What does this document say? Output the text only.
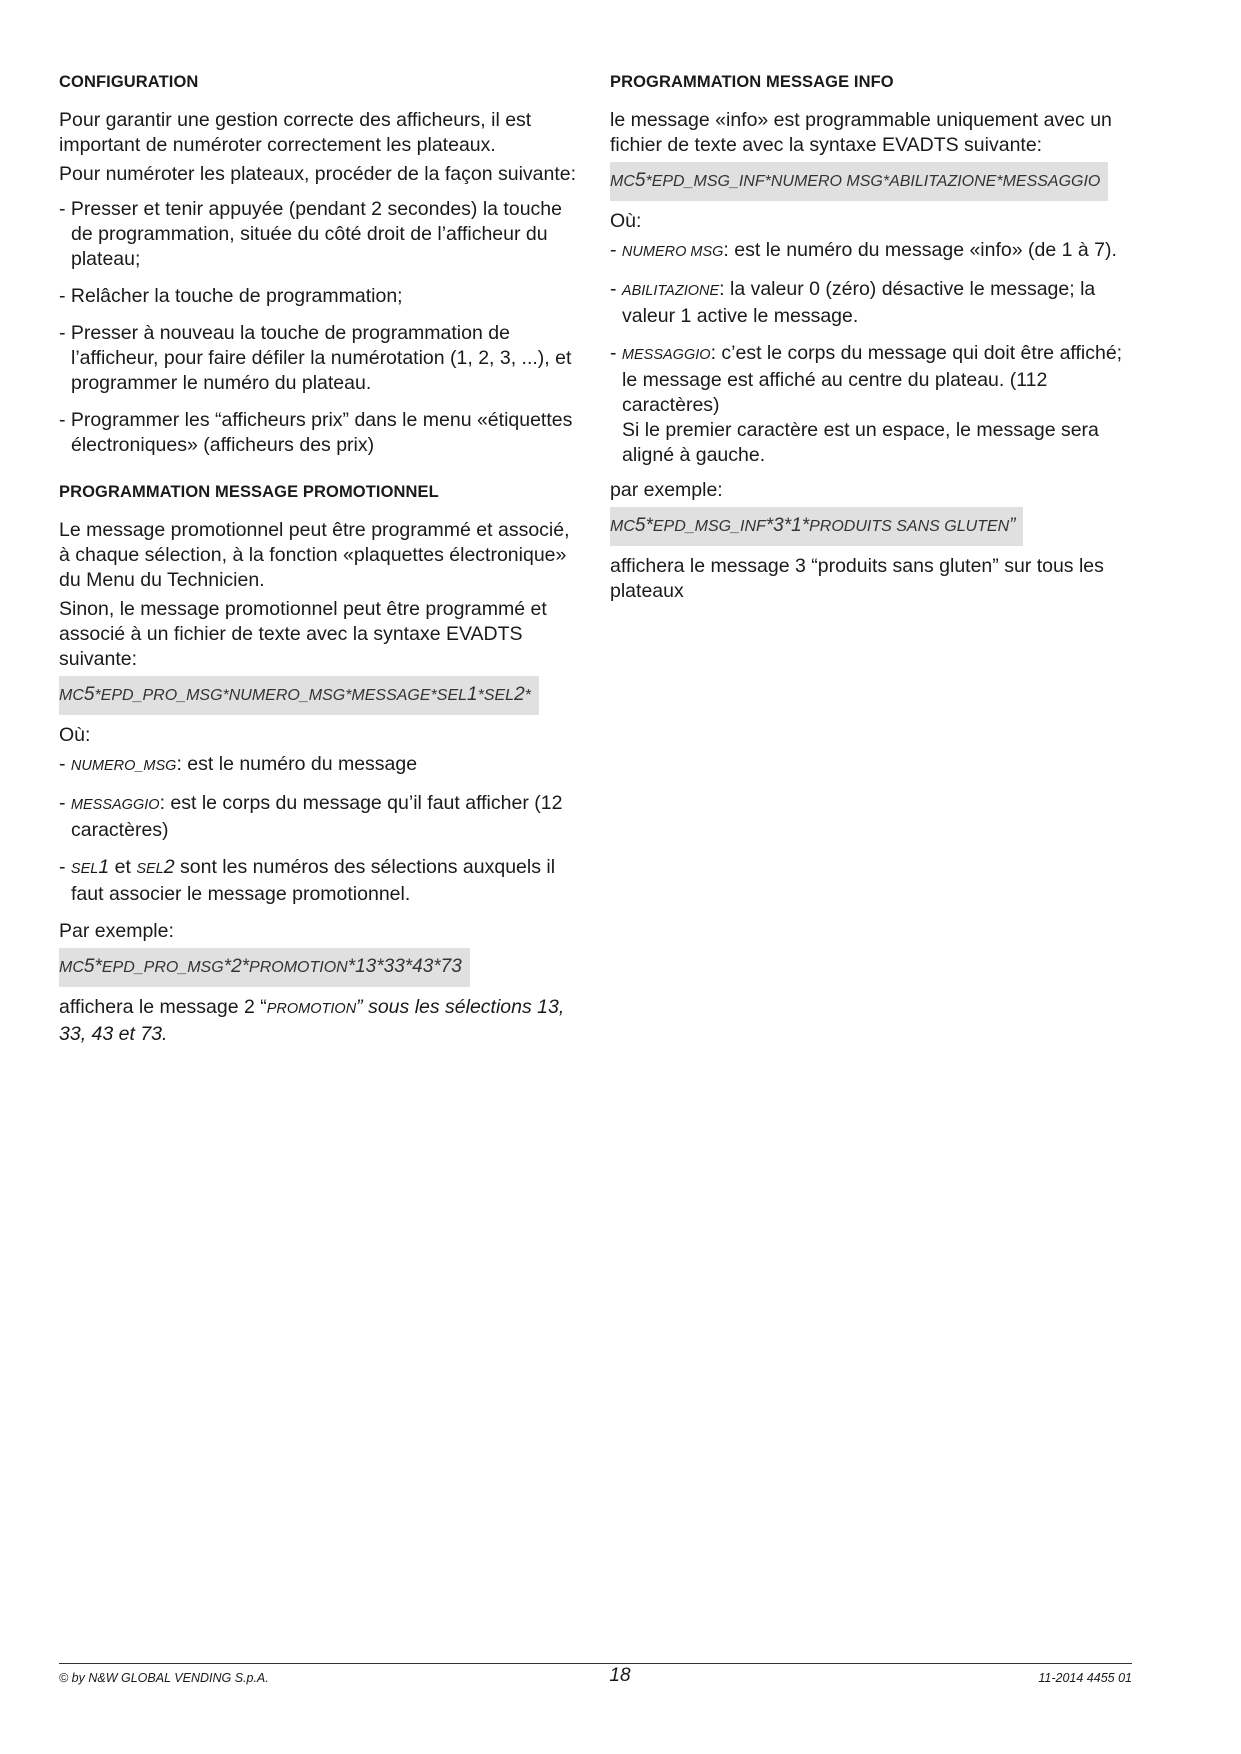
CONFIGURATION
Pour garantir une gestion correcte des afficheurs, il est important de numéroter correctement les plateaux.
Pour numéroter les plateaux, procéder de la façon suivante:
- Presser et tenir appuyée (pendant 2 secondes) la touche de programmation, située du côté droit de l’afficheur du plateau;
- Relâcher la touche de programmation;
- Presser à nouveau la touche de programmation de l’afficheur, pour faire défiler la numérotation (1, 2, 3, ...), et programmer le numéro du plateau.
- Programmer les “afficheurs prix” dans le menu «étiquettes électroniques» (afficheurs des prix)
PROGRAMMATION MESSAGE PROMOTIONNEL
Le message promotionnel peut être programmé et associé, à chaque sélection, à la fonction «plaquettes électronique» du Menu du Technicien.
Sinon, le message promotionnel peut être programmé et associé à un fichier de texte avec la syntaxe EVADTS suivante:
MC5*EPD_PRO_MSG*NUMERO_MSG*MESSAGE*SEL1*SEL2*
Où:
- NUMERO_MSG: est le numéro du message
- MESSAGGIO: est le corps du message qu’il faut afficher (12 caractères)
- SEL1 et SEL2 sont les numéros des sélections auxquels il faut associer le message promotionnel.
Par exemple:
MC5*EPD_PRO_MSG*2*PROMOTION*13*33*43*73
affichera le message 2 “PROMOTION” sous les sélections 13, 33, 43 et 73.
PROGRAMMATION MESSAGE INFO
le message «info» est programmable uniquement avec un fichier de texte avec la syntaxe EVADTS suivante:
MC5*EPD_MSG_INF*NUMERO MSG*ABILITAZIONE*MESSAGGIO
Où:
- NUMERO MSG: est le numéro du message «info» (de 1 à 7).
- ABILITAZIONE: la valeur 0 (zéro) désactive le message; la valeur 1 active le message.
- MESSAGGIO: c’est le corps du message qui doit être affiché; le message est affiché au centre du plateau. (112 caractères)
Si le premier caractère est un espace, le message sera aligné à gauche.
par exemple:
MC5*EPD_MSG_INF*3*1*PRODUITS SANS GLUTEN”
affichera le message 3 “produits sans gluten” sur tous les plateaux
© by N&W GLOBAL VENDING S.p.A.	18	11-2014 4455 01
